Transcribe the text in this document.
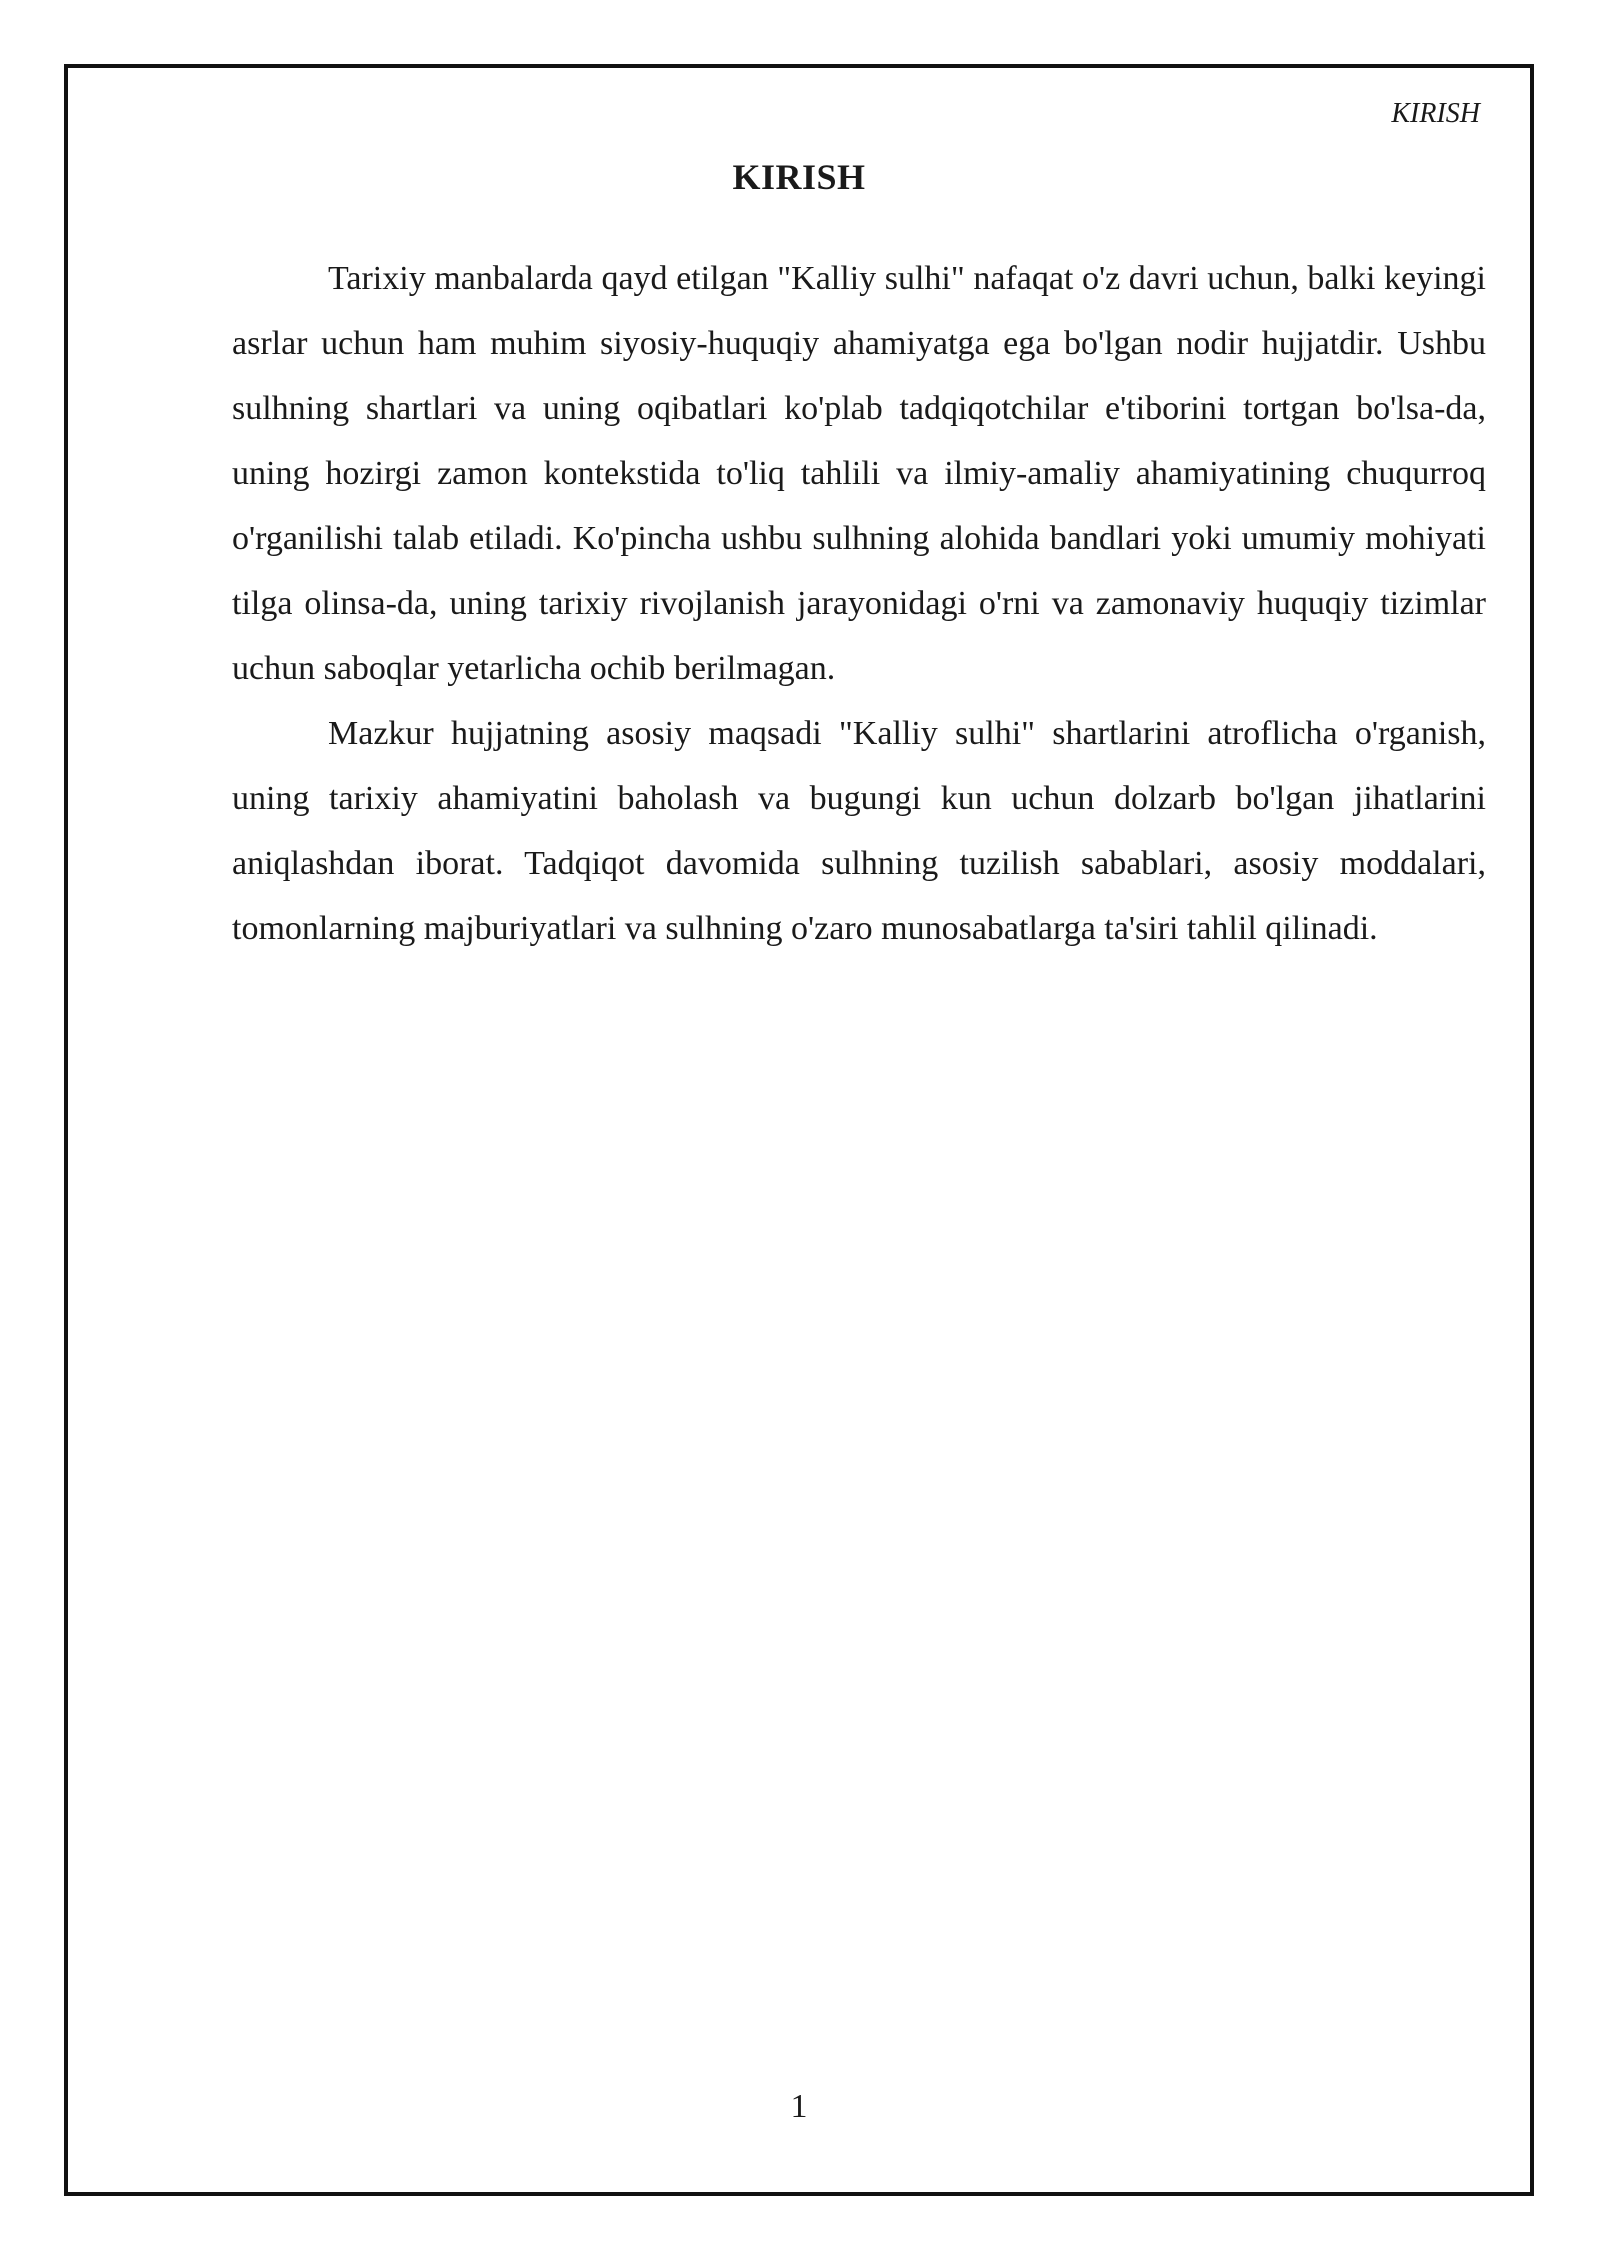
KIRISH
KIRISH

Tarixiy manbalarda qayd etilgan "Kalliy sulhi" nafaqat o'z davri uchun, balki keyingi asrlar uchun ham muhim siyosiy-huquqiy ahamiyatga ega bo'lgan nodir hujjatdir. Ushbu sulhning shartlari va uning oqibatlari ko'plab tadqiqotchilar e'tiborini tortgan bo'lsa-da, uning hozirgi zamon kontekstida to'liq tahlili va ilmiy-amaliy ahamiyatining chuqurroq o'rganilishi talab etiladi. Ko'pincha ushbu sulhning alohida bandlari yoki umumiy mohiyati tilga olinsa-da, uning tarixiy rivojlanish jarayonidagi o'rni va zamonaviy huquqiy tizimlar uchun saboqlar yetarlicha ochib berilmagan.

Mazkur hujjatning asosiy maqsadi "Kalliy sulhi" shartlarini atroflicha o'rganish, uning tarixiy ahamiyatini baholash va bugungi kun uchun dolzarb bo'lgan jihatlarini aniqlashdan iborat. Tadqiqot davomida sulhning tuzilish sabablari, asosiy moddalari, tomonlarning majburiyatlari va sulhning o'zaro munosabatlarga ta'siri tahlil qilinadi.

1
